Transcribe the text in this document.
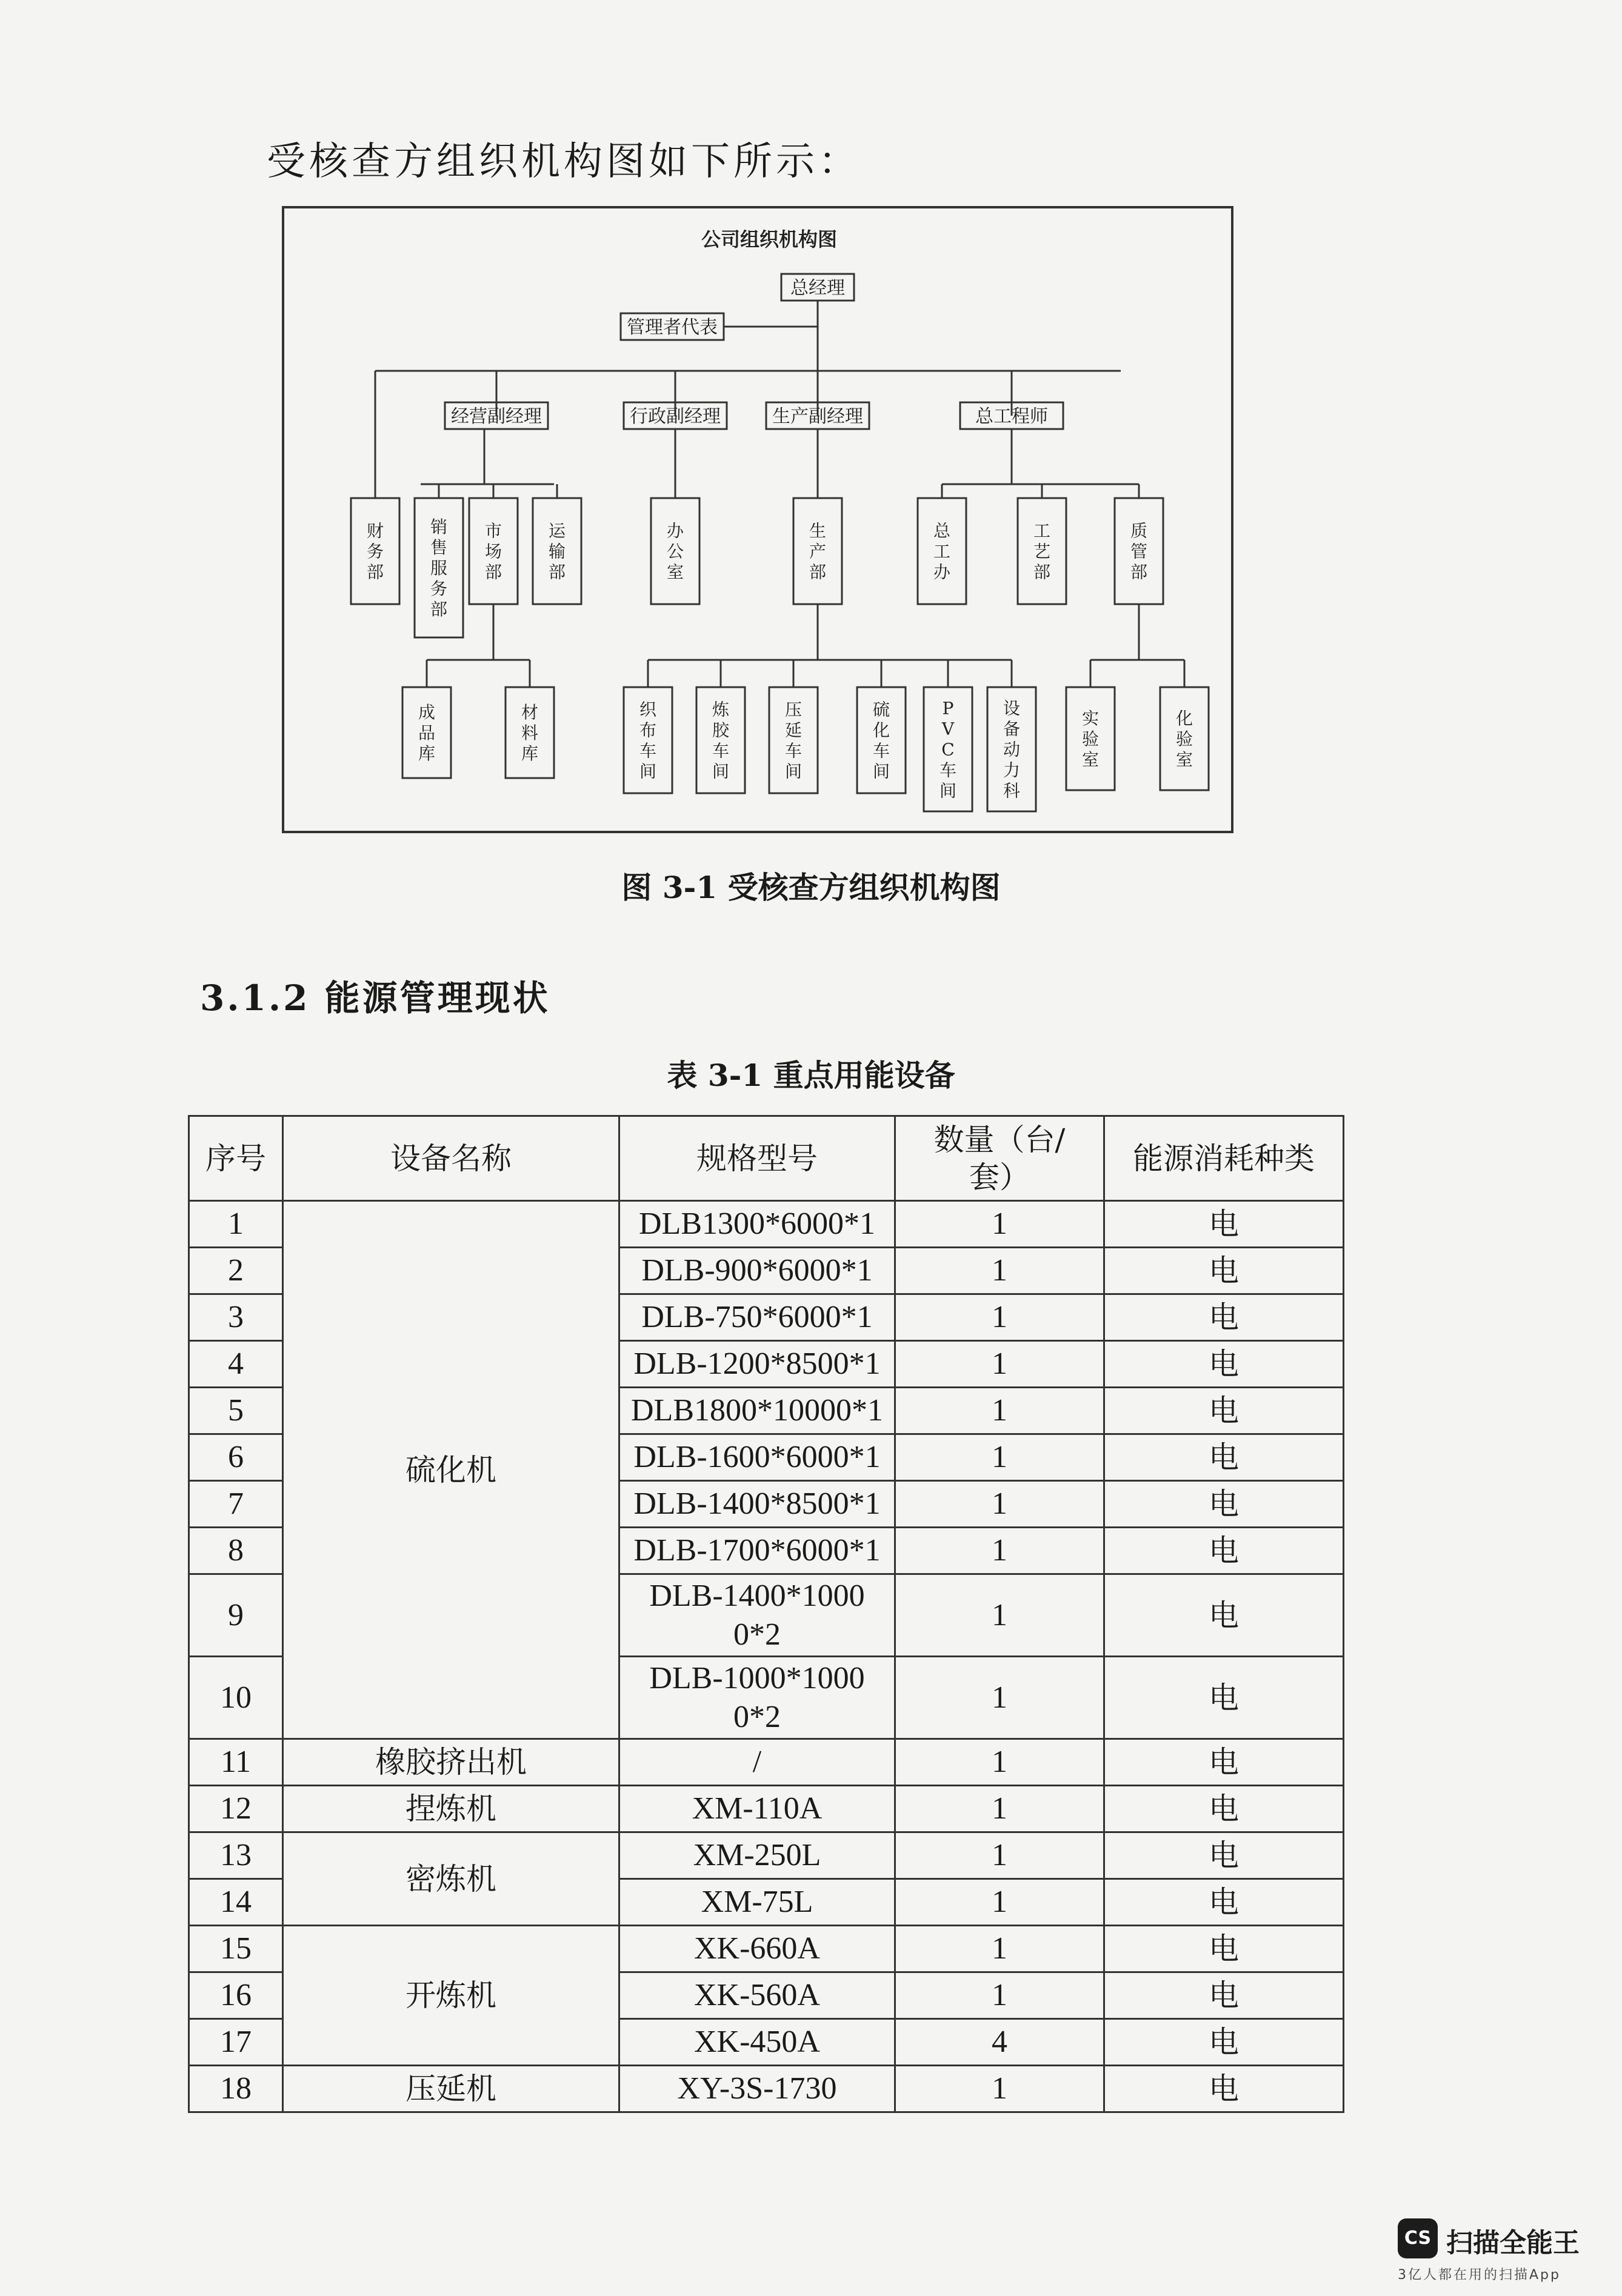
受核查方组织机构图如下所示：
公司组织机构图
总经理
管理者代表
经营副经理	行政副经理	生产副经理	总工程师
财务部
销售服务部
市场部
运输部
办公室
生产部
总工办
工艺部
质管部
成品库
材料库
织布车间
炼胶车间
压延车间
硫化车间
P V C 车间
设备动力科
实验室
化验室
图 3-1 受核查方组织机构图
3.1.2 能源管理现状
表 3-1 重点用能设备
序号	设备名称	规格型号	数量（台/套）	能源消耗种类
1	硫化机	DLB1300*6000*1	1	电
2		DLB-900*6000*1	1	电
3		DLB-750*6000*1	1	电
4		DLB-1200*8500*1	1	电
5		DLB1800*10000*1	1	电
6		DLB-1600*6000*1	1	电
7		DLB-1400*8500*1	1	电
8		DLB-1700*6000*1	1	电
9		DLB-1400*10000*2	1	电
10		DLB-1000*10000*2	1	电
11	橡胶挤出机	/	1	电
12	捏炼机	XM-110A	1	电
13	密炼机	XM-250L	1	电
14		XM-75L	1	电
15	开炼机	XK-660A	1	电
16		XK-560A	1	电
17		XK-450A	4	电
18	压延机	XY-3S-1730	1	电
CS 扫描全能王
3亿人都在用的扫描App
